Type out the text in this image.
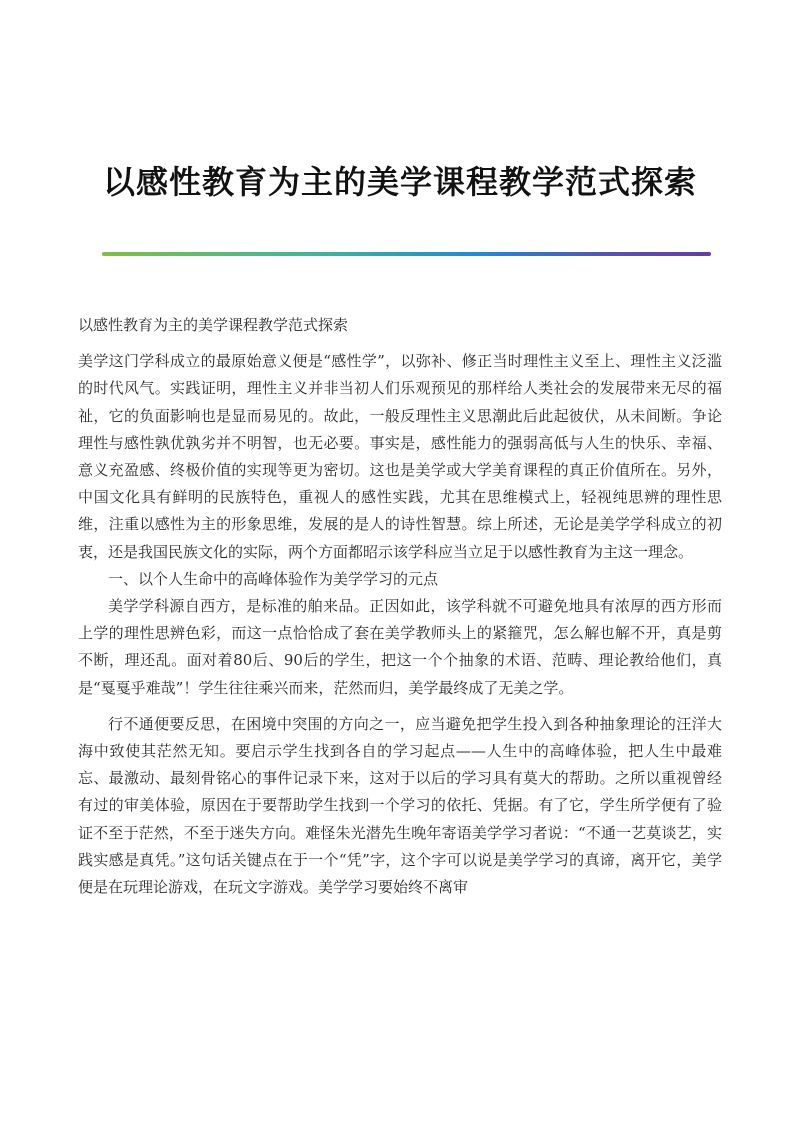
以感性教育为主的美学课程教学范式探索

以感性教育为主的美学课程教学范式探索

美学这门学科成立的最原始意义便是“感性学”，以弥补、修正当时理性主义至上、理性主义泛滥的时代风气。实践证明，理性主义并非当初人们乐观预见的那样给人类社会的发展带来无尽的福祉，它的负面影响也是显而易见的。故此，一般反理性主义思潮此后此起彼伏，从未间断。争论理性与感性孰优孰劣并不明智，也无必要。事实是，感性能力的强弱高低与人生的快乐、幸福、意义充盈感、终极价值的实现等更为密切。这也是美学或大学美育课程的真正价值所在。另外，中国文化具有鲜明的民族特色，重视人的感性实践，尤其在思维模式上，轻视纯思辨的理性思维，注重以感性为主的形象思维，发展的是人的诗性智慧。综上所述，无论是美学学科成立的初衷，还是我国民族文化的实际，两个方面都昭示该学科应当立足于以感性教育为主这一理念。

一、以个人生命中的高峰体验作为美学学习的元点

美学学科源自西方，是标准的舶来品。正因如此，该学科就不可避免地具有浓厚的西方形而上学的理性思辨色彩，而这一点恰恰成了套在美学教师头上的紧箍咒，怎么解也解不开，真是剪不断，理还乱。面对着80后、90后的学生，把这一个个抽象的术语、范畴、理论教给他们，真是“戛戛乎难哉”！学生往往乘兴而来，茫然而归，美学最终成了无美之学。

行不通便要反思，在困境中突围的方向之一，应当避免把学生投入到各种抽象理论的汪洋大海中致使其茫然无知。要启示学生找到各自的学习起点——人生中的高峰体验，把人生中最难忘、最激动、最刻骨铭心的事件记录下来，这对于以后的学习具有莫大的帮助。之所以重视曾经有过的审美体验，原因在于要帮助学生找到一个学习的依托、凭据。有了它，学生所学便有了验证不至于茫然，不至于迷失方向。难怪朱光潜先生晚年寄语美学学习者说：“不通一艺莫谈艺，实践实感是真凭。”这句话关键点在于一个“凭”字，这个字可以说是美学学习的真谛，离开它，美学便是在玩理论游戏，在玩文字游戏。美学学习要始终不离审
